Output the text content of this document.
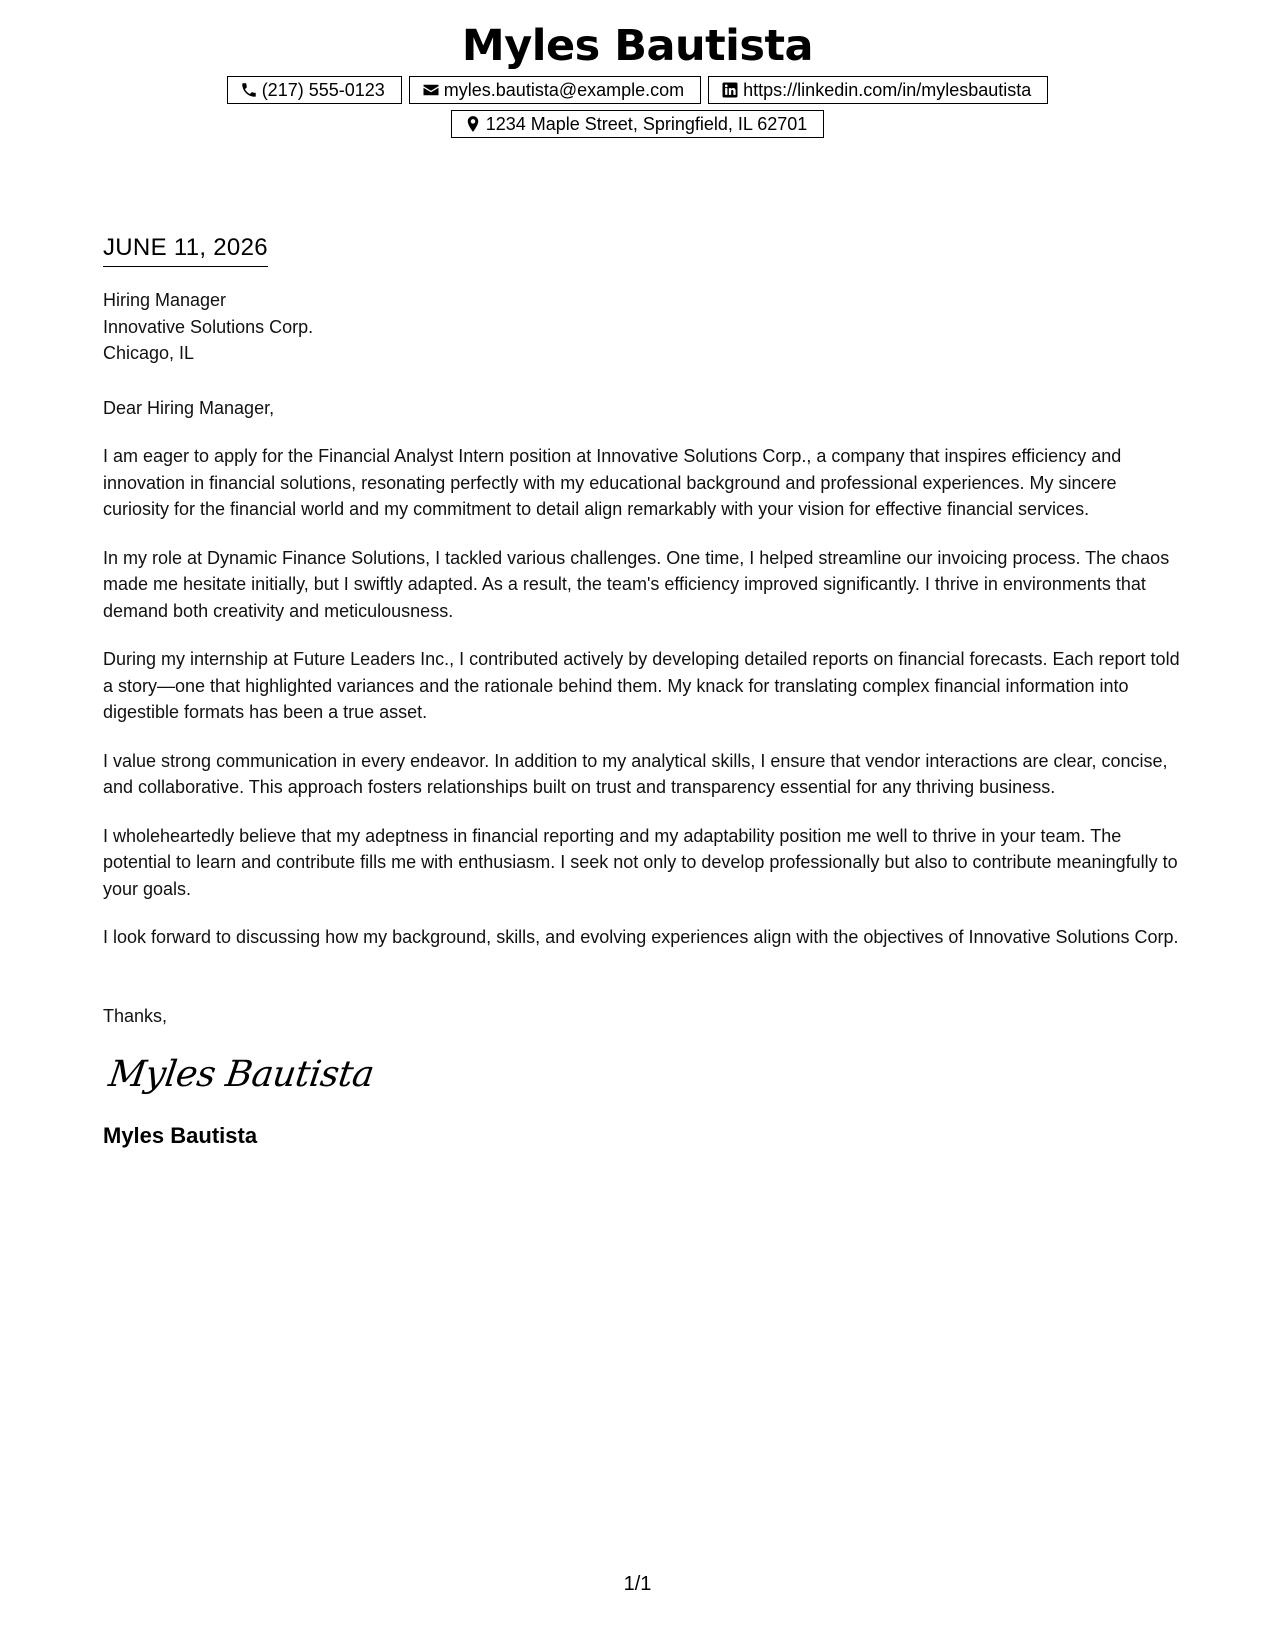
Myles Bautista
(217) 555-0123	myles.bautista@example.com	https://linkedin.com/in/mylesbautista
1234 Maple Street, Springfield, IL 62701
JUNE 11, 2026
Hiring Manager
Innovative Solutions Corp.
Chicago, IL
Dear Hiring Manager,

I am eager to apply for the Financial Analyst Intern position at Innovative Solutions Corp., a company that inspires efficiency and innovation in financial solutions, resonating perfectly with my educational background and professional experiences. My sincere curiosity for the financial world and my commitment to detail align remarkably with your vision for effective financial services.

In my role at Dynamic Finance Solutions, I tackled various challenges. One time, I helped streamline our invoicing process. The chaos made me hesitate initially, but I swiftly adapted. As a result, the team's efficiency improved significantly. I thrive in environments that demand both creativity and meticulousness.

During my internship at Future Leaders Inc., I contributed actively by developing detailed reports on financial forecasts. Each report told a story—one that highlighted variances and the rationale behind them. My knack for translating complex financial information into digestible formats has been a true asset.

I value strong communication in every endeavor. In addition to my analytical skills, I ensure that vendor interactions are clear, concise, and collaborative. This approach fosters relationships built on trust and transparency essential for any thriving business.

I wholeheartedly believe that my adeptness in financial reporting and my adaptability position me well to thrive in your team. The potential to learn and contribute fills me with enthusiasm. I seek not only to develop professionally but also to contribute meaningfully to your goals.

I look forward to discussing how my background, skills, and evolving experiences align with the objectives of Innovative Solutions Corp.

Thanks,
Myles Bautista
Myles Bautista
1/1
